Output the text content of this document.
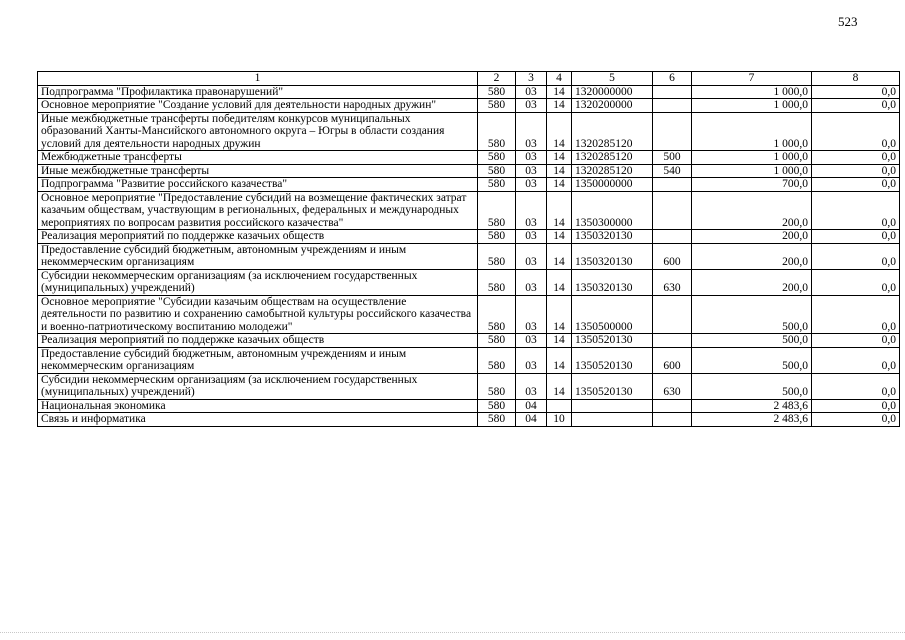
523
1	2	3	4	5	6	7	8
Подпрограмма "Профилактика правонарушений"	580	03	14	1320000000		1 000,0	0,0
Основное мероприятие "Создание условий для деятельности народных дружин"	580	03	14	1320200000		1 000,0	0,0
Иные межбюджетные трансферты победителям конкурсов муниципальных образований Ханты-Мансийского автономного округа – Югры в области создания условий для деятельности народных дружин	580	03	14	1320285120		1 000,0	0,0
Межбюджетные трансферты	580	03	14	1320285120	500	1 000,0	0,0
Иные межбюджетные трансферты	580	03	14	1320285120	540	1 000,0	0,0
Подпрограмма "Развитие российского казачества"	580	03	14	1350000000		700,0	0,0
Основное мероприятие "Предоставление субсидий на возмещение фактических затрат казачьим обществам, участвующим в региональных, федеральных и международных мероприятиях по вопросам развития российского казачества"	580	03	14	1350300000		200,0	0,0
Реализация мероприятий по поддержке казачьих обществ	580	03	14	1350320130		200,0	0,0
Предоставление субсидий бюджетным, автономным учреждениям и иным некоммерческим организациям	580	03	14	1350320130	600	200,0	0,0
Субсидии некоммерческим организациям (за исключением государственных (муниципальных) учреждений)	580	03	14	1350320130	630	200,0	0,0
Основное мероприятие "Субсидии казачьим обществам на осуществление деятельности по развитию и сохранению самобытной культуры российского казачества и военно-патриотическому воспитанию молодежи"	580	03	14	1350500000		500,0	0,0
Реализация мероприятий по поддержке казачьих обществ	580	03	14	1350520130		500,0	0,0
Предоставление субсидий бюджетным, автономным учреждениям и иным некоммерческим организациям	580	03	14	1350520130	600	500,0	0,0
Субсидии некоммерческим организациям (за исключением государственных (муниципальных) учреждений)	580	03	14	1350520130	630	500,0	0,0
Национальная экономика	580	04				2 483,6	0,0
Связь и информатика	580	04	10			2 483,6	0,0
